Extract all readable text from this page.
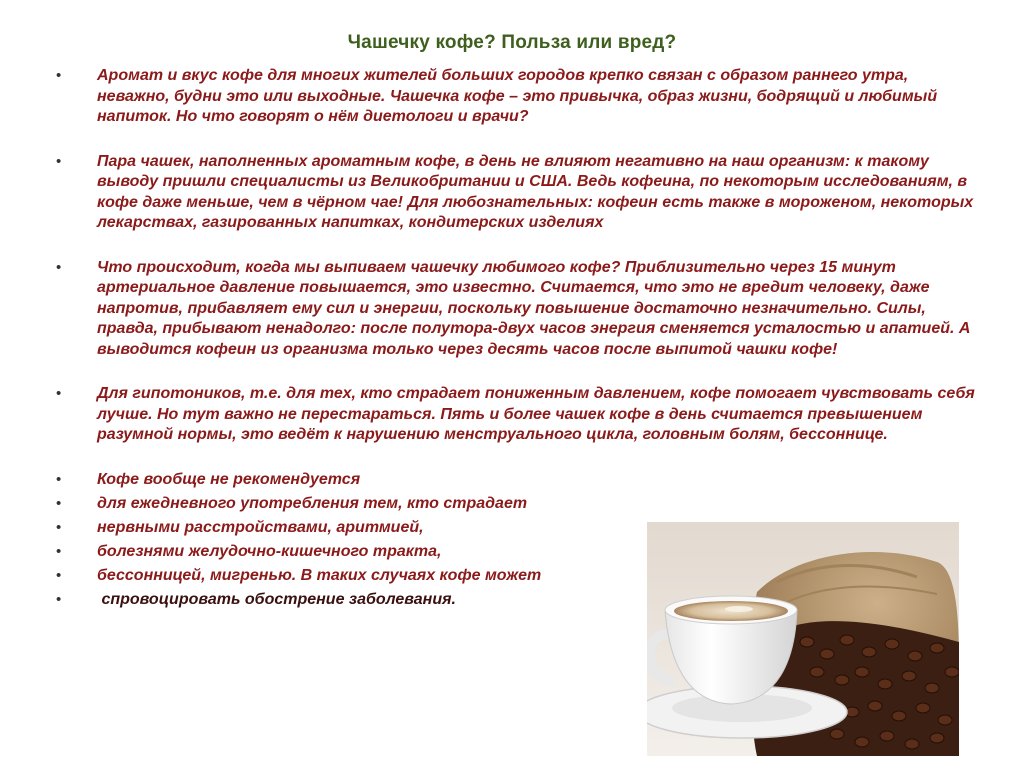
Чашечку кофе? Польза или вред?
• Аромат и вкус кофе для многих жителей больших городов крепко связан с образом раннего утра, неважно, будни это или выходные. Чашечка кофе – это привычка, образ жизни, бодрящий и любимый напиток. Но что говорят о нём диетологи и врачи?
• Пара чашек, наполненных ароматным кофе, в день не влияют негативно на наш организм: к такому выводу пришли специалисты из Великобритании и США. Ведь кофеина, по некоторым исследованиям, в кофе даже меньше, чем в чёрном чае! Для любознательных: кофеин есть также в мороженом, некоторых лекарствах, газированных напитках, кондитерских изделиях
• Что происходит, когда мы выпиваем чашечку любимого кофе? Приблизительно через 15 минут артериальное давление повышается, это известно. Считается, что это не вредит человеку, даже напротив, прибавляет ему сил и энергии, поскольку повышение достаточно незначительно. Силы, правда, прибывают ненадолго: после полутора-двух часов энергия сменяется усталостью и апатией. А выводится кофеин из организма только через десять часов после выпитой чашки кофе!
• Для гипотоников, т.е. для тех, кто страдает пониженным давлением, кофе помогает чувствовать себя лучше. Но тут важно не перестараться. Пять и более чашек кофе в день считается превышением разумной нормы, это ведёт к нарушению менструального цикла, головным болям, бессоннице.
• Кофе вообще не рекомендуется
• для ежедневного употребления тем, кто страдает
• нервными расстройствами, аритмией,
• болезнями желудочно-кишечного тракта,
• бессонницей, мигренью. В таких случаях кофе может
•  спровоцировать обострение заболевания.
